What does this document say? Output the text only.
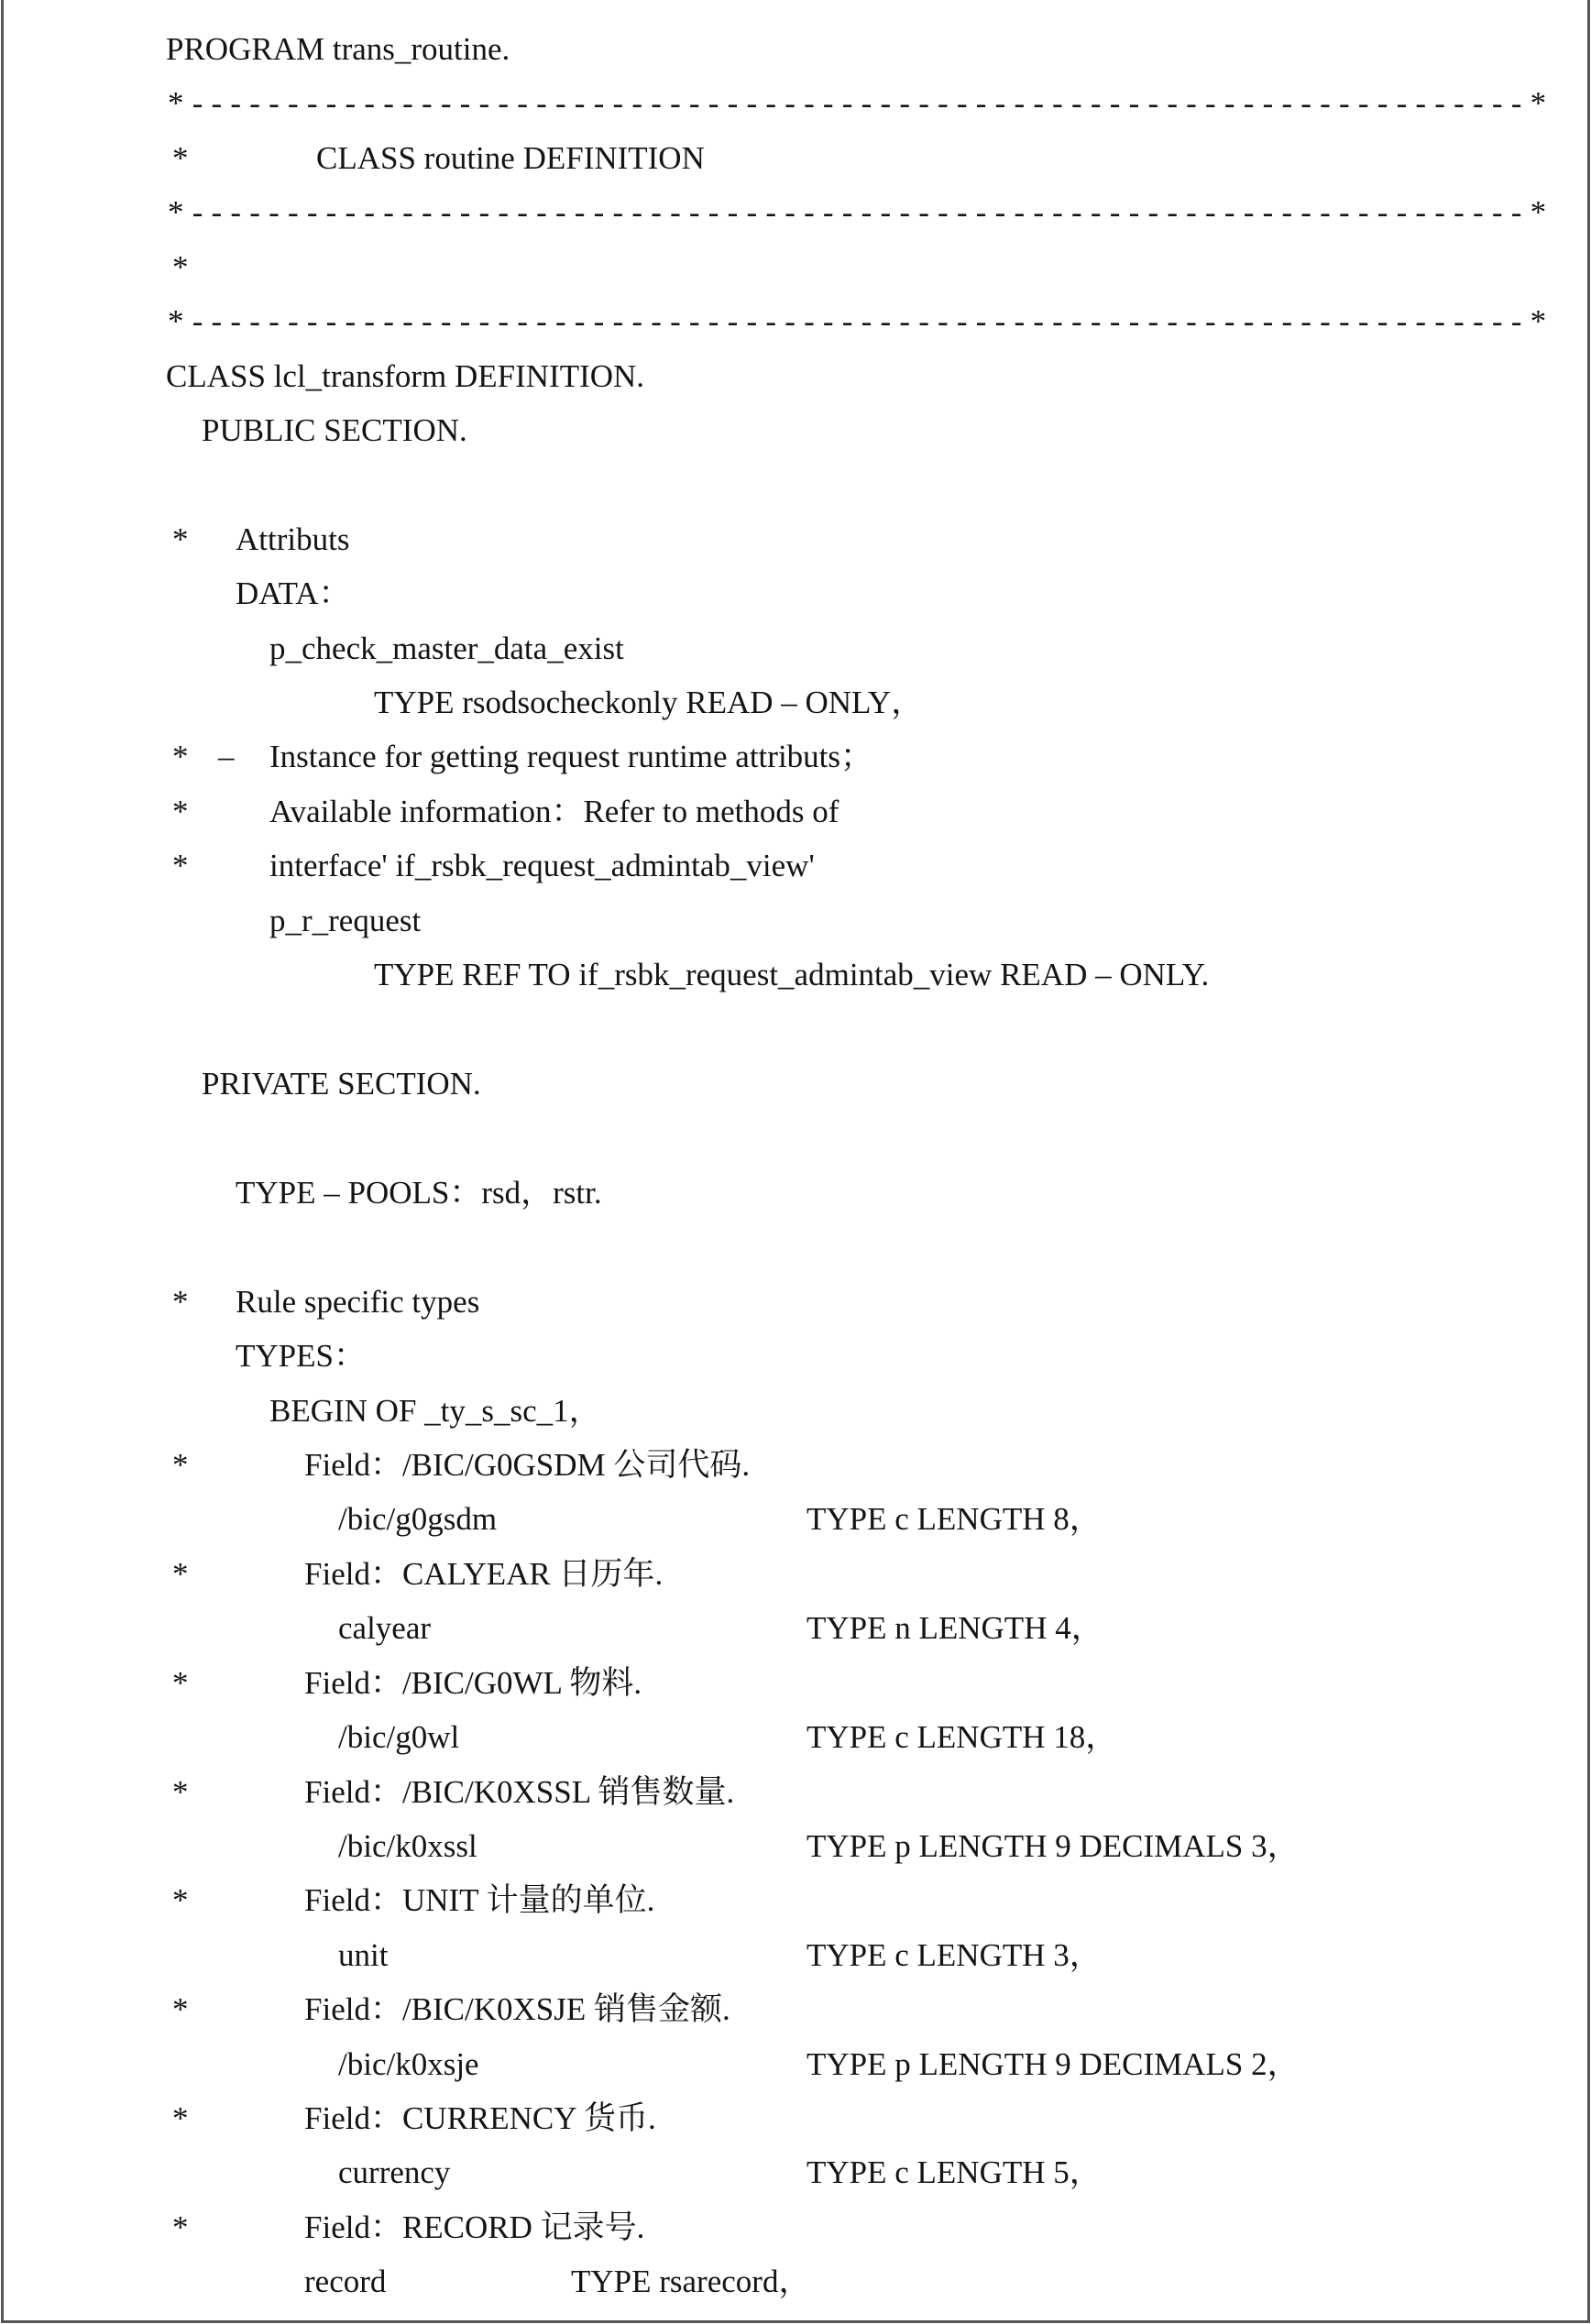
PROGRAM trans_routine.
*----------------------------------------------------------------------*
*	CLASS routine DEFINITION
*----------------------------------------------------------------------*
*
*----------------------------------------------------------------------*
CLASS lcl_transform DEFINITION.
PUBLIC SECTION.
* Attributs
DATA：
p_check_master_data_exist
TYPE rsodsocheckonly READ – ONLY，
* – Instance for getting request runtime attributs；
*	Available information：Refer to methods of
*	interface' if_rsbk_request_admintab_view'
p_r_request
TYPE REF TO if_rsbk_request_admintab_view READ – ONLY.
PRIVATE SECTION.
TYPE – POOLS：rsd，rstr.
* Rule specific types
TYPES：
BEGIN OF _ty_s_sc_1，
*	Field：/BIC/G0GSDM 公司代码.
/bic/g0gsdm	TYPE c LENGTH 8，
*	Field：CALYEAR 日历年.
calyear	TYPE n LENGTH 4，
*	Field：/BIC/G0WL 物料.
/bic/g0wl	TYPE c LENGTH 18，
*	Field：/BIC/K0XSSL 销售数量.
/bic/k0xssl	TYPE p LENGTH 9 DECIMALS 3，
*	Field：UNIT 计量的单位.
unit	TYPE c LENGTH 3，
*	Field：/BIC/K0XSJE 销售金额.
/bic/k0xsje	TYPE p LENGTH 9 DECIMALS 2，
*	Field：CURRENCY 货币.
currency	TYPE c LENGTH 5，
*	Field：RECORD 记录号.
record	TYPE rsarecord，
